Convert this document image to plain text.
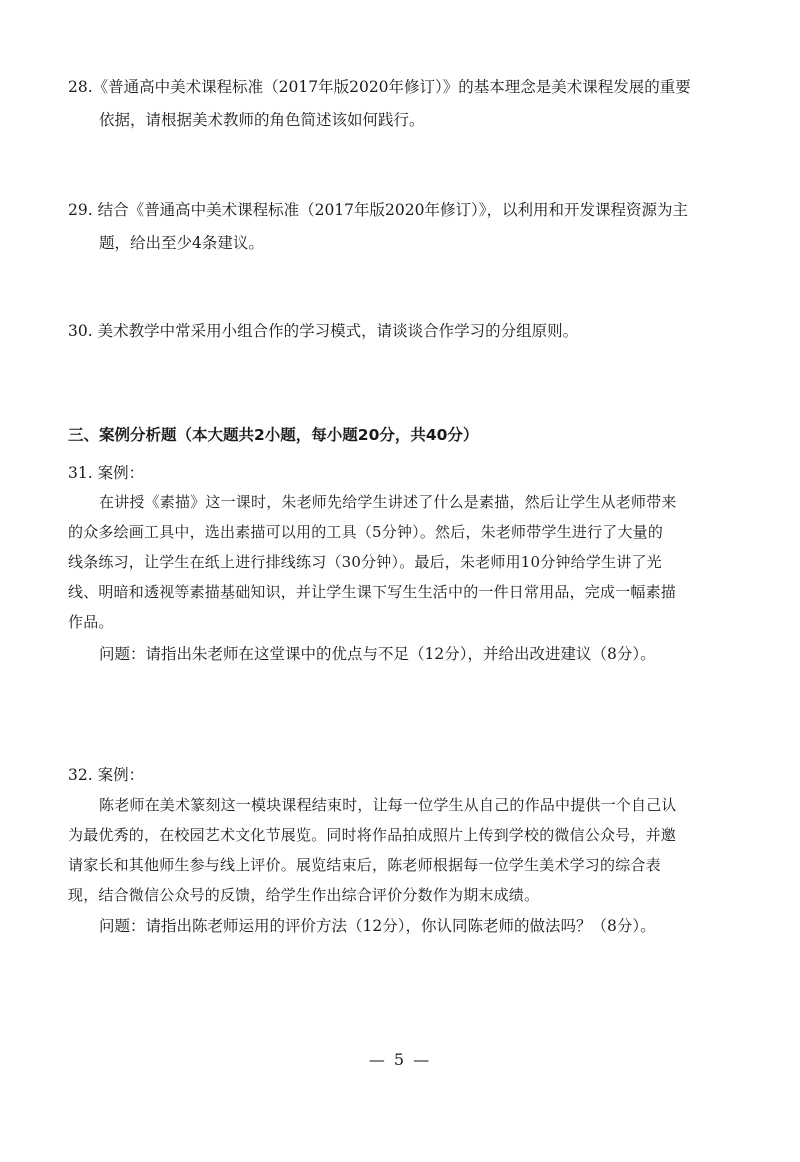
28.《普通高中美术课程标准（2017年版2020年修订）》的基本理念是美术课程发展的重要
依据，请根据美术教师的角色简述该如何践行。
29. 结合《普通高中美术课程标准（2017年版2020年修订）》，以利用和开发课程资源为主
题，给出至少4条建议。
30. 美术教学中常采用小组合作的学习模式，请谈谈合作学习的分组原则。
三、案例分析题（本大题共2小题，每小题20分，共40分）
31. 案例：
在讲授《素描》这一课时，朱老师先给学生讲述了什么是素描，然后让学生从老师带来
的众多绘画工具中，选出素描可以用的工具（5分钟）。然后，朱老师带学生进行了大量的
线条练习，让学生在纸上进行排线练习（30分钟）。最后，朱老师用10分钟给学生讲了光
线、明暗和透视等素描基础知识，并让学生课下写生生活中的一件日常用品，完成一幅素描
作品。
问题：请指出朱老师在这堂课中的优点与不足（12分），并给出改进建议（8分）。
32. 案例：
陈老师在美术篆刻这一模块课程结束时，让每一位学生从自己的作品中提供一个自己认
为最优秀的，在校园艺术文化节展览。同时将作品拍成照片上传到学校的微信公众号，并邀
请家长和其他师生参与线上评价。展览结束后，陈老师根据每一位学生美术学习的综合表
现，结合微信公众号的反馈，给学生作出综合评价分数作为期末成绩。
问题：请指出陈老师运用的评价方法（12分），你认同陈老师的做法吗？（8分）。
— 5 —
